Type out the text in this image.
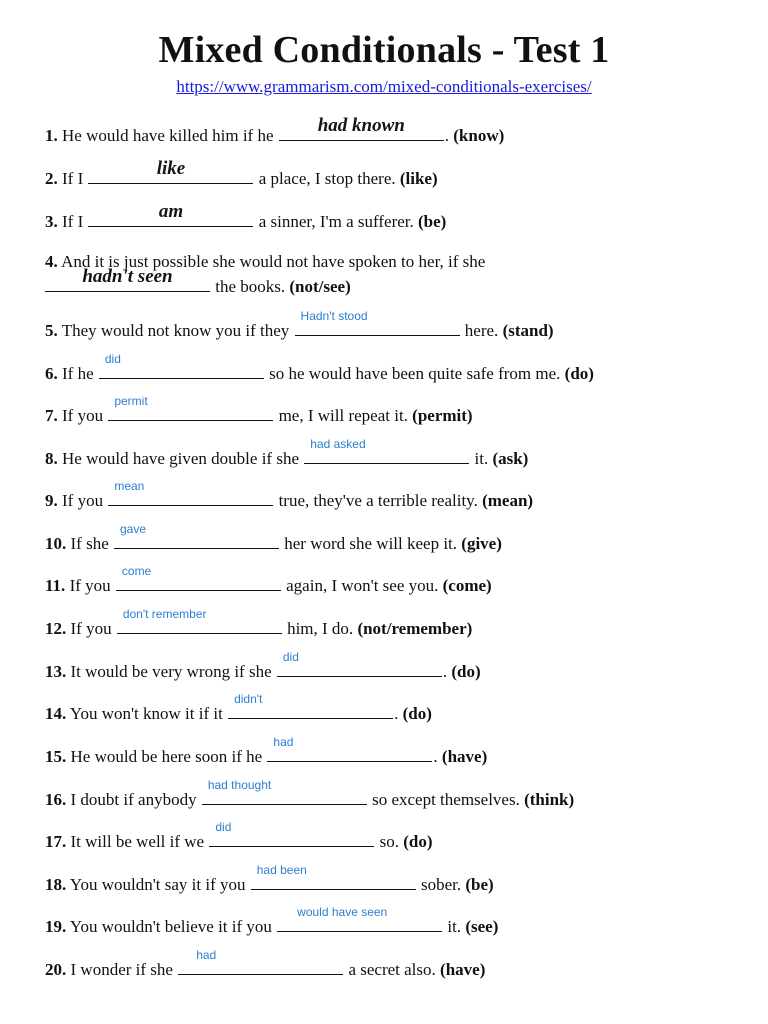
Mixed Conditionals - Test 1
https://www.grammarism.com/mixed-conditionals-exercises/
1. He would have killed him if he	had known	. (know)
2. If I	like	a place, I stop there. (like)
3. If I	am	a sinner, I'm a sufferer. (be)
4. And it is just possible she would not have spoken to her, if she

hadn't seen	the books. (not/see)
5. They would not know you if they
Hadn't stood
here. (stand)
6. If he
did
so he would have been quite safe from me. (do)
7. If you
permit
me, I will repeat it. (permit)
8. He would have given double if she
had asked
it. (ask)
9. If you
mean
true, they've a terrible reality. (mean)
10. If she
gave
her word she will keep it. (give)
11. If you
come
again, I won't see you. (come)
12. If you
don't remember
him, I do. (not/remember)
13. It would be very wrong if she
did
. (do)
14. You won't know it if it
didn't
. (do)
15. He would be here soon if he
had
. (have)
16. I doubt if anybody
had thought
so except themselves. (think)
17. It will be well if we
did
so. (do)
18. You wouldn't say it if you
had been
sober. (be)
19. You wouldn't believe it if you
would have seen
it. (see)
20. I wonder if she
had
a secret also. (have)
